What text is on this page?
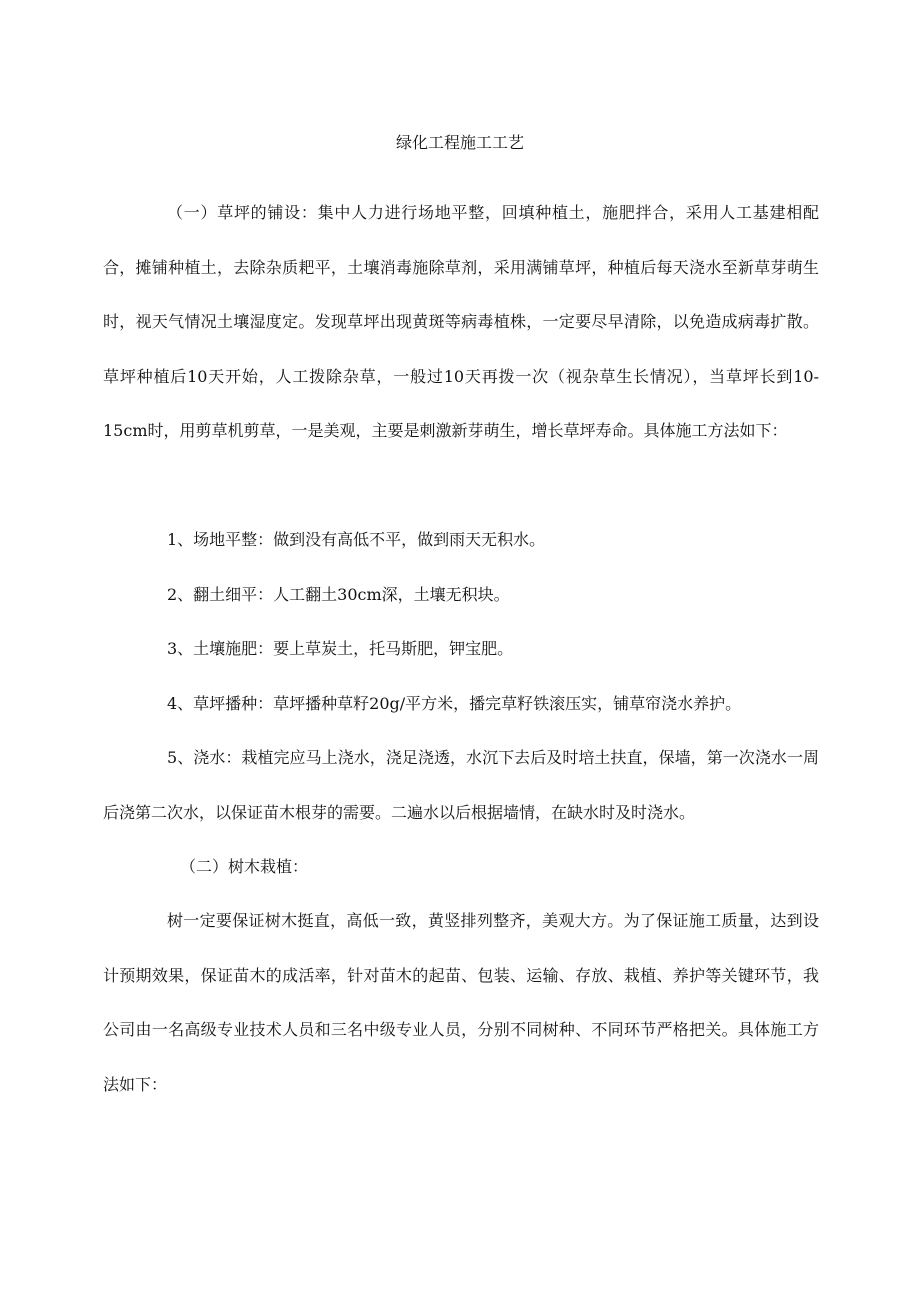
绿化工程施工工艺

（一）草坪的铺设：集中人力进行场地平整，回填种植土，施肥拌合，采用人工基建相配合，摊铺种植土，去除杂质耙平，土壤消毒施除草剂，采用满铺草坪，种植后每天浇水至新草芽萌生时，视天气情况土壤湿度定。发现草坪出现黄斑等病毒植株，一定要尽早清除，以免造成病毒扩散。草坪种植后10天开始，人工拨除杂草，一般过10天再拨一次（视杂草生长情况），当草坪长到10-15cm时，用剪草机剪草，一是美观，主要是刺激新芽萌生，增长草坪寿命。具体施工方法如下：

1、场地平整：做到没有高低不平，做到雨天无积水。

2、翻土细平：人工翻土30cm深，土壤无积块。

3、土壤施肥：要上草炭土，托马斯肥，钾宝肥。

4、草坪播种：草坪播种草籽20g/平方米，播完草籽铁滚压实，铺草帘浇水养护。

5、浇水：栽植完应马上浇水，浇足浇透，水沉下去后及时培土扶直，保墙，第一次浇水一周后浇第二次水，以保证苗木根芽的需要。二遍水以后根据墙情，在缺水时及时浇水。

（二）树木栽植：

树一定要保证树木挺直，高低一致，黄竖排列整齐，美观大方。为了保证施工质量，达到设计预期效果，保证苗木的成活率，针对苗木的起苗、包装、运输、存放、栽植、养护等关键环节，我公司由一名高级专业技术人员和三名中级专业人员，分别不同树种、不同环节严格把关。具体施工方法如下：
